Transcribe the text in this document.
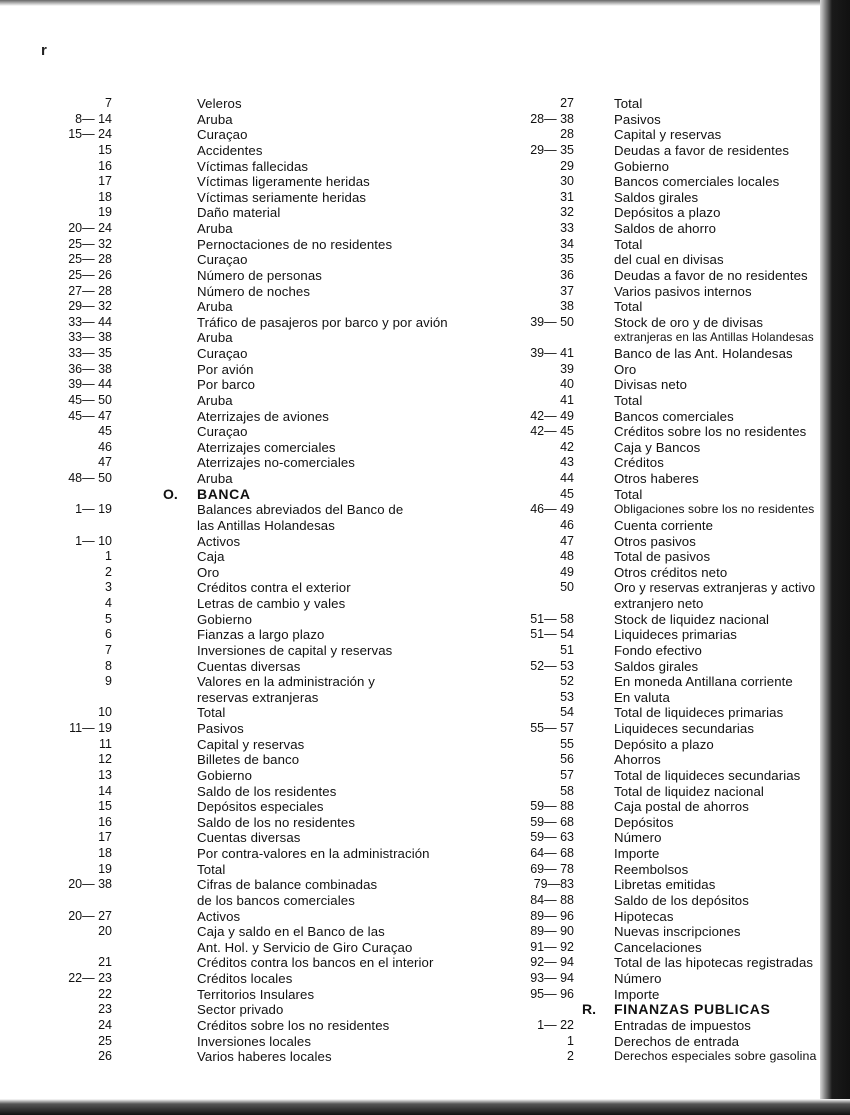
r
7	Veleros
8— 14	Aruba
15— 24	Curaçao
15	Accidentes
16	Víctimas fallecidas
17	Víctimas ligeramente heridas
18	Víctimas seriamente heridas
19	Daño material
20— 24	Aruba
25— 32	Pernoctaciones de no residentes
25— 28	Curaçao
25— 26	Número de personas
27— 28	Número de noches
29— 32	Aruba
33— 44	Tráfico de pasajeros por barco y por avión
33— 38	Aruba
33— 35	Curaçao
36— 38	Por avión
39— 44	Por barco
45— 50	Aruba
45— 47	Aterrizajes de aviones
45	Curaçao
46	Aterrizajes comerciales
47	Aterrizajes no-comerciales
48— 50	Aruba
O. BANCA
1— 19	Balances abreviados del Banco de
las Antillas Holandesas
1— 10	Activos
1	Caja
2	Oro
3	Créditos contra el exterior
4	Letras de cambio y vales
5	Gobierno
6	Fianzas a largo plazo
7	Inversiones de capital y reservas
8	Cuentas diversas
9	Valores en la administración y
reservas extranjeras
10	Total
11— 19	Pasivos
11	Capital y reservas
12	Billetes de banco
13	Gobierno
14	Saldo de los residentes
15	Depósitos especiales
16	Saldo de los no residentes
17	Cuentas diversas
18	Por contra-valores en la administración
19	Total
20— 38	Cifras de balance combinadas
de los bancos comerciales
20— 27	Activos
20	Caja y saldo en el Banco de las
Ant. Hol. y Servicio de Giro Curaçao
21	Créditos contra los bancos en el interior
22— 23	Créditos locales
22	Territorios Insulares
23	Sector privado
24	Créditos sobre los no residentes
25	Inversiones locales
26	Varios haberes locales
27	Total
28— 38	Pasivos
28	Capital y reservas
29— 35	Deudas a favor de residentes
29	Gobierno
30	Bancos comerciales locales
31	Saldos girales
32	Depósitos a plazo
33	Saldos de ahorro
34	Total
35	del cual en divisas
36	Deudas a favor de no residentes
37	Varios pasivos internos
38	Total
39— 50	Stock de oro y de divisas
extranjeras en las Antillas Holandesas
39— 41	Banco de las Ant. Holandesas
39	Oro
40	Divisas neto
41	Total
42— 49	Bancos comerciales
42— 45	Créditos sobre los no residentes
42	Caja y Bancos
43	Créditos
44	Otros haberes
45	Total
46— 49	Obligaciones sobre los no residentes
46	Cuenta corriente
47	Otros pasivos
48	Total de pasivos
49	Otros créditos neto
50	Oro y reservas extranjeras y activo
extranjero neto
51— 58	Stock de liquidez nacional
51— 54	Liquideces primarias
51	Fondo efectivo
52— 53	Saldos girales
52	En moneda Antillana corriente
53	En valuta
54	Total de liquideces primarias
55— 57	Liquideces secundarias
55	Depósito a plazo
56	Ahorros
57	Total de liquideces secundarias
58	Total de liquidez nacional
59— 88	Caja postal de ahorros
59— 68	Depósitos
59— 63	Número
64— 68	Importe
69— 78	Reembolsos
79—83	Libretas emitidas
84— 88	Saldo de los depósitos
89— 96	Hipotecas
89— 90	Nuevas inscripciones
91— 92	Cancelaciones
92— 94	Total de las hipotecas registradas
93— 94	Número
95— 96	Importe
R. FINANZAS PUBLICAS
1— 22	Entradas de impuestos
1	Derechos de entrada
2	Derechos especiales sobre gasolina
